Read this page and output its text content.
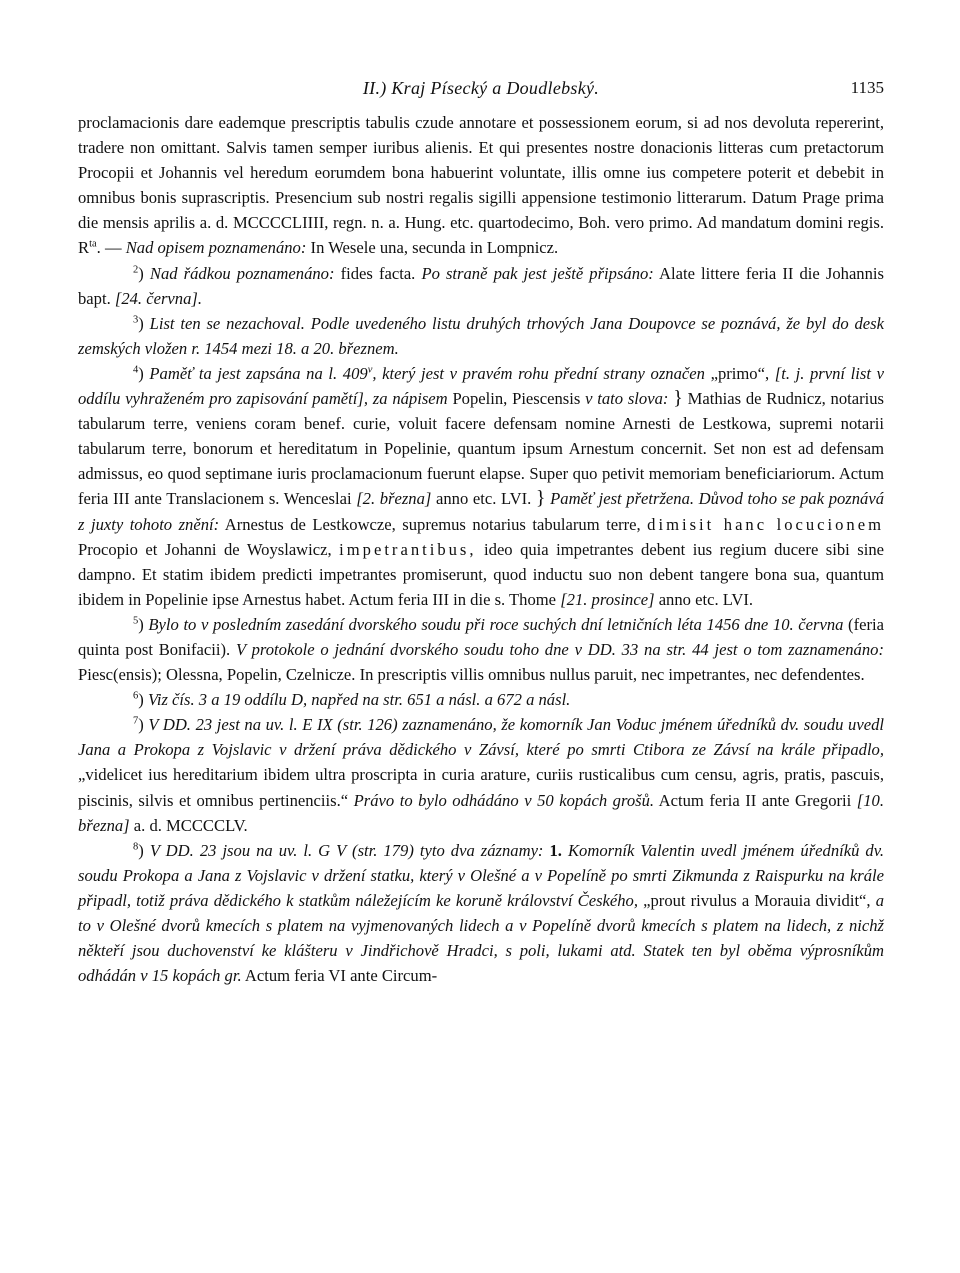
II.) Kraj Písecký a Doudlebský.	1135

proclamacionis dare eademque prescriptis tabulis czude annotare et possessionem eorum, si ad nos devoluta repererint, tradere non omittant. Salvis tamen semper iuribus alienis. Et qui presentes nostre donacionis litteras cum pretactorum Procopii et Johannis vel heredum eorumdem bona habuerint voluntate, illis omne ius competere poterit et debebit in omnibus bonis suprascriptis. Presencium sub nostri regalis sigilli appensione testimonio litterarum. Datum Prage prima die mensis aprilis a. d. MCCCCLIIII, regn. n. a. Hung. etc. quartodecimo, Boh. vero primo. Ad mandatum domini regis. $R^{ta}$. — Nad opisem poznamenáno: In Wesele una, secunda in Lompnicz.

$^2$) Nad řádkou poznamenáno: fides facta. Po straně pak jest ještě připsáno: Alate littere feria II die Johannis bapt. [24. června].

$^3$) List ten se nezachoval. Podle uvedeného listu druhých trhových Jana Doupovce se poznává, že byl do desk zemských vložen r. 1454 mezi 18. a 20. březnem.

$^4$) Paměť ta jest zapsána na l. 409$^v$, který jest v pravém rohu přední strany označen „primo“, [t. j. první list v oddílu vyhraženém pro zapisování pamětí], za nápisem Popelin, Piescensis v tato slova: } Mathias de Rudnicz, notarius tabularum terre, veniens coram benef. curie, voluit facere defensam nomine Arnesti de Lestkowa, supremi notarii tabularum terre, bonorum et hereditatum in Popelinie, quantum ipsum Arnestum concernit. Set non est ad defensam admissus, eo quod septimane iuris proclamacionum fuerunt elapse. Super quo petivit memoriam beneficiariorum. Actum feria III ante Translacionem s. Wenceslai [2. března] anno etc. LVI. } Paměť jest přetržena. Důvod toho se pak poznává z juxty tohoto znění: Arnestus de Lestkowcze, supremus notarius tabularum terre, dimisit hanc locucionem Procopio et Johanni de Woyslawicz, impetrantibus, ideo quia impetrantes debent ius regium ducere sibi sine dampno. Et statim ibidem predicti impetrantes promiserunt, quod inductu suo non debent tangere bona sua, quantum ibidem in Popelinie ipse Arnestus habet. Actum feria III in die s. Thome [21. prosince] anno etc. LVI.

$^5$) Bylo to v posledním zasedání dvorského soudu při roce suchých dní letničních léta 1456 dne 10. června (feria quinta post Bonifacii). V protokole o jednání dvorského soudu toho dne v DD. 33 na str. 44 jest o tom zaznamenáno: Piesc(ensis); Olessna, Popelin, Czelnicze. In prescriptis villis omnibus nullus paruit, nec impetrantes, nec defendentes.

$^6$) Viz čís. 3 a 19 oddílu D, napřed na str. 651 a násl. a 672 a násl.

$^7$) V DD. 23 jest na uv. l. E IX (str. 126) zaznamenáno, že komorník Jan Voduc jménem úředníků dv. soudu uvedl Jana a Prokopa z Vojslavic v držení práva dědického v Závsí, které po smrti Ctibora ze Závsí na krále připadlo, „videlicet ius hereditarium ibidem ultra proscripta in curia arature, curiis rusticalibus cum censu, agris, pratis, pascuis, piscinis, silvis et omnibus pertinenciis.“ Právo to bylo odhádáno v 50 kopách grošů. Actum feria II ante Gregorii [10. března] a. d. MCCCCLV.

$^8$) V DD. 23 jsou na uv. l. G V (str. 179) tyto dva záznamy: 1. Komorník Valentin uvedl jménem úředníků dv. soudu Prokopa a Jana z Vojslavic v držení statku, který v Olešné a v Popelíně po smrti Zikmunda z Raispurku na krále připadl, totiž práva dědického k statkům náležejícím ke koruně království Českého, „prout rivulus a Morauia dividit“, a to v Olešné dvorů kmecích s platem na vyjmenovaných lidech a v Popelíně dvorů kmecích s platem na lidech, z nichž někteří jsou duchovenství ke klášteru v Jindřichově Hradci, s poli, lukami atd. Statek ten byl oběma výprosníkům odhádán v 15 kopách gr. Actum feria VI ante Circum-
